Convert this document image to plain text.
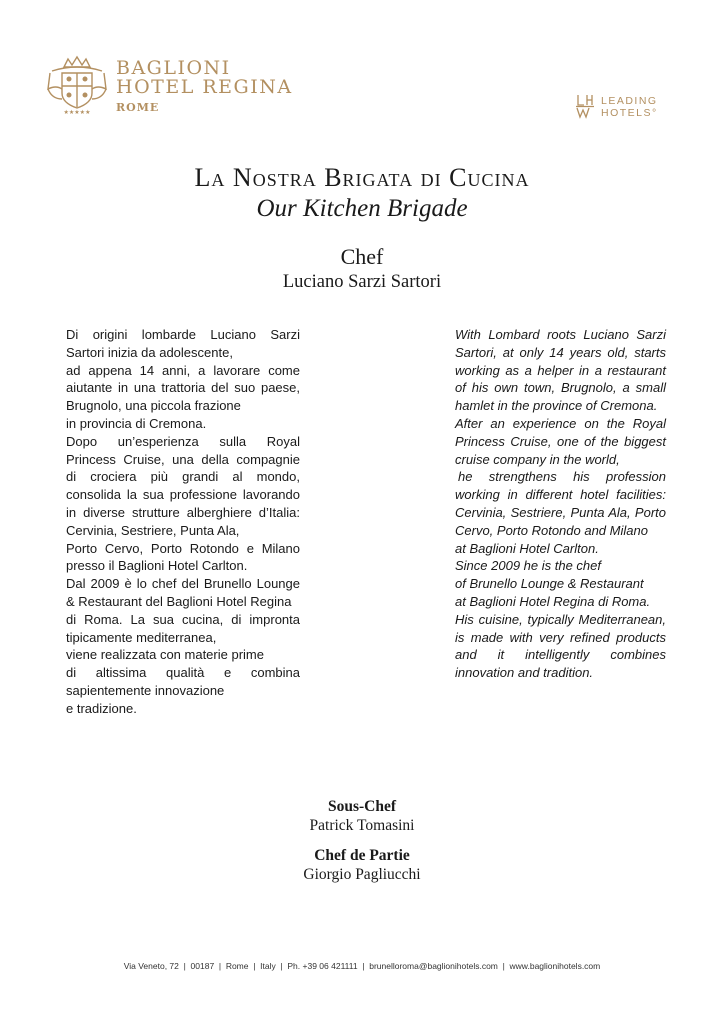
★★★★★
BAGLIONI
HOTEL REGINA
ROME	LEADING
HOTELS°
La Nostra Brigata di Cucina
Our Kitchen Brigade
Chef
Luciano Sarzi Sartori
Di origini lombarde Luciano Sarzi
Sartori inizia da adolescente,
ad appena 14 anni, a lavorare come
aiutante in una trattoria del suo paese,
Brugnolo, una piccola frazione
in provincia di Cremona.
Dopo un’esperienza sulla Royal
Princess Cruise, una della compagnie
di crociera più grandi al mondo,
consolida la sua professione lavorando
in diverse strutture alberghiere d’Italia:
Cervinia, Sestriere, Punta Ala,
Porto Cervo, Porto Rotondo e Milano
presso il Baglioni Hotel Carlton.
Dal 2009 è lo chef del Brunello Lounge
& Restaurant del Baglioni Hotel Regina
di Roma. La sua cucina, di impronta
tipicamente mediterranea,
viene realizzata con materie prime
di altissima qualità e combina
sapientemente innovazione
e tradizione.
With Lombard roots Luciano Sarzi
Sartori, at only 14 years old, starts
working as a helper in a restaurant
of his own town, Brugnolo, a small
hamlet in the province of Cremona.
After an experience on the Royal
Princess Cruise, one of the biggest
cruise company in the world,
he strengthens his profession
working in different hotel facilities:
Cervinia, Sestriere, Punta Ala, Porto
Cervo, Porto Rotondo and Milano
at Baglioni Hotel Carlton.
Since 2009 he is the chef
of Brunello Lounge & Restaurant
at Baglioni Hotel Regina di Roma.
His cuisine, typically Mediterranean,
is made with very refined products
and it intelligently combines
innovation and tradition.
Sous-Chef
Patrick Tomasini
Chef de Partie
Giorgio Pagliucchi
Via Veneto, 72  |  00187  |  Rome  |  Italy  |  Ph. +39 06 421111  |  brunelloroma@baglionihotels.com  |  www.baglionihotels.com
